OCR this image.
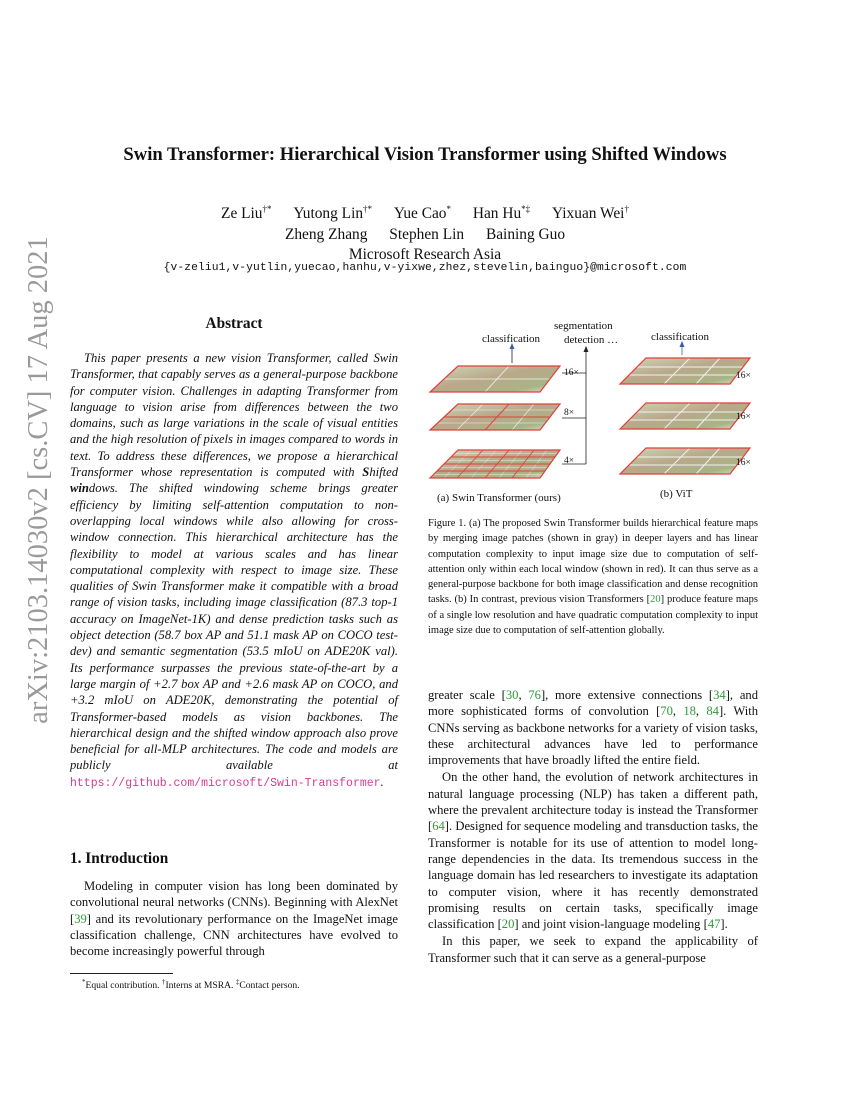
arXiv:2103.14030v2 [cs.CV] 17 Aug 2021
Swin Transformer: Hierarchical Vision Transformer using Shifted Windows
Ze Liu†* Yutong Lin†* Yue Cao* Han Hu*‡ Yixuan Wei†
Zheng Zhang Stephen Lin Baining Guo
Microsoft Research Asia
{v-zeliu1,v-yutlin,yuecao,hanhu,v-yixwe,zhez,stevelin,bainguo}@microsoft.com
Abstract
This paper presents a new vision Transformer, called Swin Transformer, that capably serves as a general-purpose backbone for computer vision. Challenges in adapting Transformer from language to vision arise from differences between the two domains, such as large variations in the scale of visual entities and the high resolution of pixels in images compared to words in text. To address these differences, we propose a hierarchical Transformer whose representation is computed with Shifted windows. The shifted windowing scheme brings greater efficiency by limiting self-attention computation to non-overlapping local windows while also allowing for cross-window connection. This hierarchical architecture has the flexibility to model at various scales and has linear computational complexity with respect to image size. These qualities of Swin Transformer make it compatible with a broad range of vision tasks, including image classification (87.3 top-1 accuracy on ImageNet-1K) and dense prediction tasks such as object detection (58.7 box AP and 51.1 mask AP on COCO test-dev) and semantic segmentation (53.5 mIoU on ADE20K val). Its performance surpasses the previous state-of-the-art by a large margin of +2.7 box AP and +2.6 mask AP on COCO, and +3.2 mIoU on ADE20K, demonstrating the potential of Transformer-based models as vision backbones. The hierarchical design and the shifted window approach also prove beneficial for all-MLP architectures. The code and models are publicly available at https://github.com/microsoft/Swin-Transformer.
1. Introduction
Modeling in computer vision has long been dominated by convolutional neural networks (CNNs). Beginning with AlexNet [39] and its revolutionary performance on the ImageNet image classification challenge, CNN architectures have evolved to become increasingly powerful through
*Equal contribution. †Interns at MSRA. ‡Contact person.
classification
segmentation
detection …	classification
16×
8×
4×
16×
16×
16×
(a) Swin Transformer (ours)	(b) ViT
Figure 1. (a) The proposed Swin Transformer builds hierarchical feature maps by merging image patches (shown in gray) in deeper layers and has linear computation complexity to input image size due to computation of self-attention only within each local window (shown in red). It can thus serve as a general-purpose backbone for both image classification and dense recognition tasks. (b) In contrast, previous vision Transformers [20] produce feature maps of a single low resolution and have quadratic computation complexity to input image size due to computation of self-attention globally.

greater scale [30, 76], more extensive connections [34], and more sophisticated forms of convolution [70, 18, 84]. With CNNs serving as backbone networks for a variety of vision tasks, these architectural advances have led to performance improvements that have broadly lifted the entire field.

On the other hand, the evolution of network architectures in natural language processing (NLP) has taken a different path, where the prevalent architecture today is instead the Transformer [64]. Designed for sequence modeling and transduction tasks, the Transformer is notable for its use of attention to model long-range dependencies in the data. Its tremendous success in the language domain has led researchers to investigate its adaptation to computer vision, where it has recently demonstrated promising results on certain tasks, specifically image classification [20] and joint vision-language modeling [47].

In this paper, we seek to expand the applicability of Transformer such that it can serve as a general-purpose
